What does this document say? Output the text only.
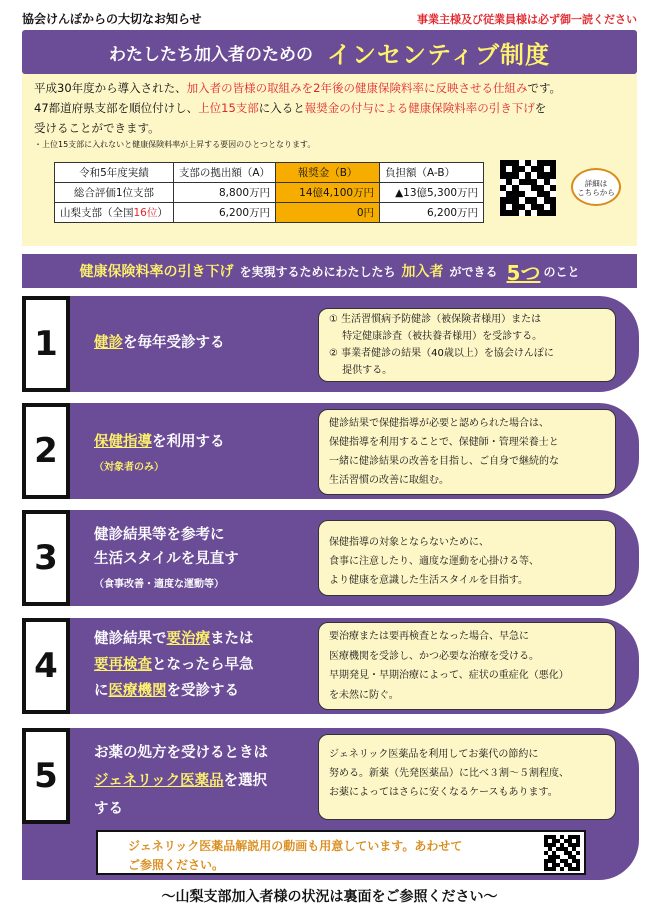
協会けんぽからの大切なお知らせ	事業主様及び従業員様は必ず御一読ください
わたしたち加入者のための インセンティブ制度

平成30年度から導入された、加入者の皆様の取組みを2年後の健康保険料率に反映させる仕組みです。

47都道府県支部を順位付けし、上位15支部に入ると報奨金の付与による健康保険料率の引き下げを

受けることができます。

・上位15支部に入れないと健康保険料率が上昇する要因のひとつとなります。

令和5年度実績	支部の拠出額（A）	報奨金（B）	負担額（A-B）
総合評価1位支部	8,800万円	14億4,100万円	▲13億5,300万円
山梨支部（全国16位）	6,200万円	0円	6,200万円
詳細は
こちらから
健康保険料率の引き下げ を実現するためにわたしたち 加入者 ができる 5つ のこと
1	健診を毎年受診する
① 生活習慣病予防健診（被保険者様用）または
　 特定健康診査（被扶養者様用）を受診する。
② 事業者健診の結果（40歳以上）を協会けんぽに
　 提供する。
2	保健指導を利用する
（対象者のみ）
健診結果で保健指導が必要と認められた場合は、
保健指導を利用することで、保健師・管理栄養士と
一緒に健診結果の改善を目指し、ご自身で継続的な
生活習慣の改善に取組む。
3
健診結果等を参考に
生活スタイルを見直す
（食事改善・適度な運動等）
保健指導の対象とならないために、
食事に注意したり、適度な運動を心掛ける等、
より健康を意識した生活スタイルを目指す。
4
健診結果で要治療または
要再検査となったら早急
に医療機関を受診する
要治療または要再検査となった場合、早急に
医療機関を受診し、かつ必要な治療を受ける。
早期発見・早期治療によって、症状の重症化（悪化）
を未然に防ぐ。
5
お薬の処方を受けるときは
ジェネリック医薬品を選択
する
ジェネリック医薬品を利用してお薬代の節約に
努める。新薬（先発医薬品）に比べ３割～５割程度、
お薬によってはさらに安くなるケースもあります。

ジェネリック医薬品解説用の動画も用意しています。あわせて

ご参照ください。

～山梨支部加入者様の状況は裏面をご参照ください～
